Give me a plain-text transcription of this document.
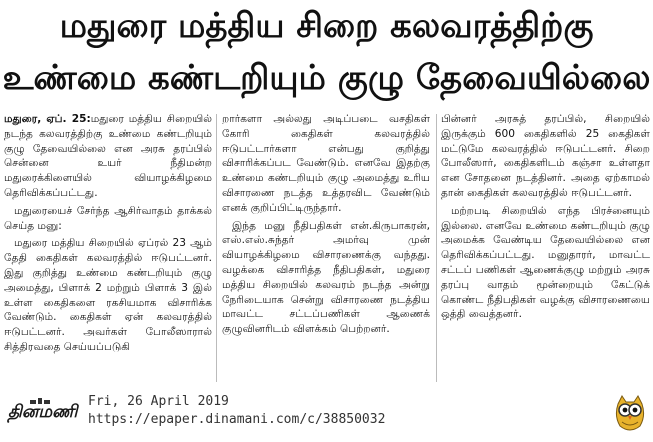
மதுரை மத்திய சிறை கலவரத்திற்கு
உண்மை கண்டறியும் குழு தேவையில்லை

மதுரை, ஏப். 25:மதுரை மத்திய சிறையில் நடந்த கலவரத்திற்கு உண்மை கண்டறியும் குழு தேவையில்லை என அரசு தரப்பில் சென்னை உயர் நீதிமன்ற மதுரைக்கிளையில் வியாழக்கிழமை தெரிவிக்கப்பட்டது.

மதுரையைச் சேர்ந்த ஆசிர்வாதம் தாக்கல் செய்த மனு:

மதுரை மத்திய சிறையில் ஏப்ரல் 23 ஆம் தேதி கைதிகள் கலவரத்தில் ஈடுபட்டனர். இது குறித்து உண்மை கண்டறியும் குழு அமைத்து, பிளாக் 2 மற்றும் பிளாக் 3 இல் உள்ள கைதிகளை ரகசியமாக விசாரிக்க வேண்டும். கைதிகள் ஏன் கலவரத்தில் ஈடுபட்டனர். அவர்கள் போலீஸாரால் சித்திரவதை செய்யப்படுகி

றார்களா அல்லது அடிப்படை வசதிகள் கோரி கைதிகள் கலவரத்தில் ஈடுபட்டார்களா என்பது குறித்து விசாரிக்கப்பட வேண்டும். எனவே இதற்கு உண்மை கண்டறியும் குழு அமைத்து உரிய விசாரணை நடத்த உத்தரவிட வேண்டும் எனக் குறிப்பிட்டிருந்தார்.

இந்த மனு நீதிபதிகள் என்.கிருபாகரன், எஸ்.எஸ்.சுந்தர் அமர்வு முன் வியாழக்கிழமை விசாரணைக்கு வந்தது. வழக்கை விசாரித்த நீதிபதிகள், மதுரை மத்திய சிறையில் கலவரம் நடந்த அன்று நேரிடையாக சென்று விசாரணை நடத்திய மாவட்ட சட்டப்பணிகள் ஆணைக் குழுவினரிடம் விளக்கம் பெற்றனர்.

பின்னர் அரசுத் தரப்பில், சிறையில் இருக்கும் 600 கைதிகளில் 25 கைதிகள் மட்டுமே கலவரத்தில் ஈடுபட்டனர். சிறை போலீஸார், கைதிகளிடம் கஞ்சா உள்ளதா என சோதனை நடத்தினர். அதை ஏற்காமல் தான் கைதிகள் கலவரத்தில் ஈடுபட்டனர்.

மற்றபடி சிறையில் எந்த பிரச்னையும் இல்லை. எனவே உண்மை கண்டறியும் குழு அமைக்க வேண்டிய தேவையில்லை என தெரிவிக்கப்பட்டது. மனுதாரர், மாவட்ட சட்டப் பணிகள் ஆணைக்குழு மற்றும் அரசு தரப்பு வாதம் மூன்றையும் கேட்டுக் கொண்ட நீதிபதிகள் வழக்கு விசாரணையை ஒத்தி வைத்தனர்.

தினமணி
Fri, 26 April 2019
https://epaper.dinamani.com/c/38850032
